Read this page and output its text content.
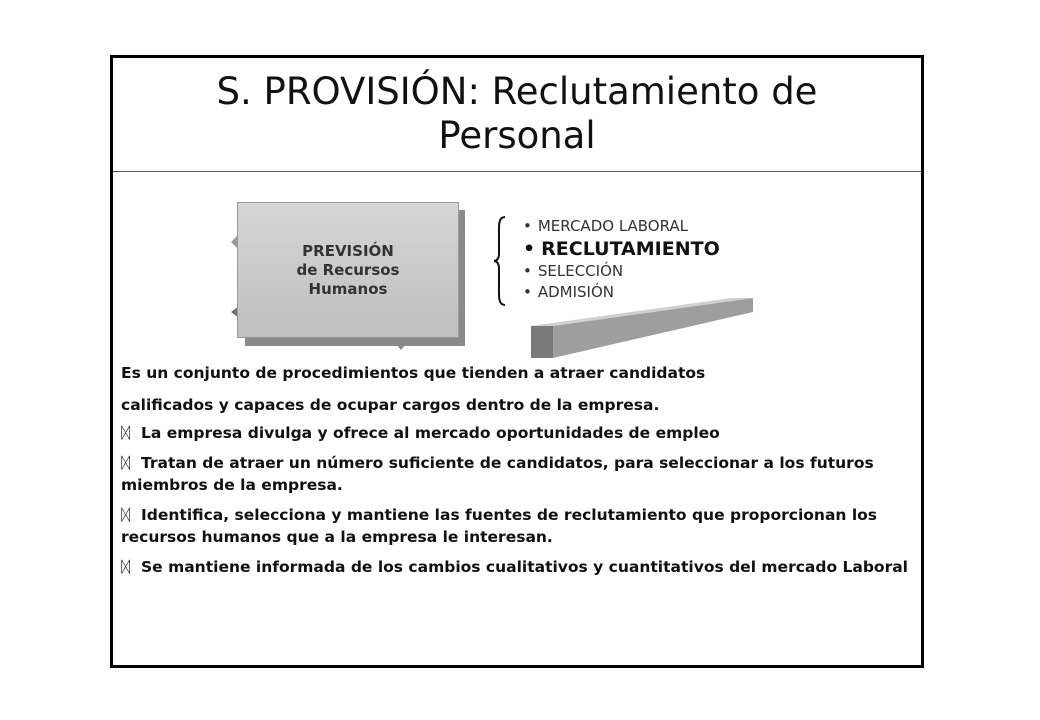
S. PROVISIÓN: Reclutamiento de
Personal
PREVISIÓN
de Recursos
Humanos
• MERCADO LABORAL
• RECLUTAMIENTO
• SELECCIÓN
• ADMISIÓN
Es un conjunto de procedimientos que tienden a atraer candidatos
calificados y capaces de ocupar cargos dentro de la empresa.
ᛞ La empresa divulga y ofrece al mercado oportunidades de empleo
ᛞ Tratan de atraer un número suficiente de candidatos, para seleccionar a los futuros miembros de la empresa.
ᛞ Identifica, selecciona y mantiene las fuentes de reclutamiento que proporcionan los recursos humanos que a la empresa le interesan.
ᛞ Se mantiene informada de los cambios cualitativos y cuantitativos del mercado Laboral
